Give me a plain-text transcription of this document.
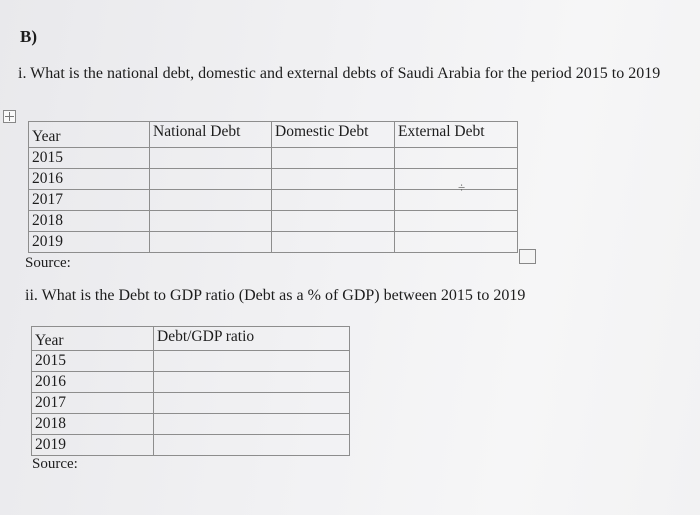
B)
i. What is the national debt, domestic and external debts of Saudi Arabia for the period 2015 to 2019
Year	National Debt	Domestic Debt	External Debt
2015			
2016			
2017			
2018			
2019			
÷
Source:
ii. What is the Debt to GDP ratio (Debt as a % of GDP) between 2015 to 2019
Year	Debt/GDP ratio
2015	
2016	
2017	
2018	
2019	
Source:
